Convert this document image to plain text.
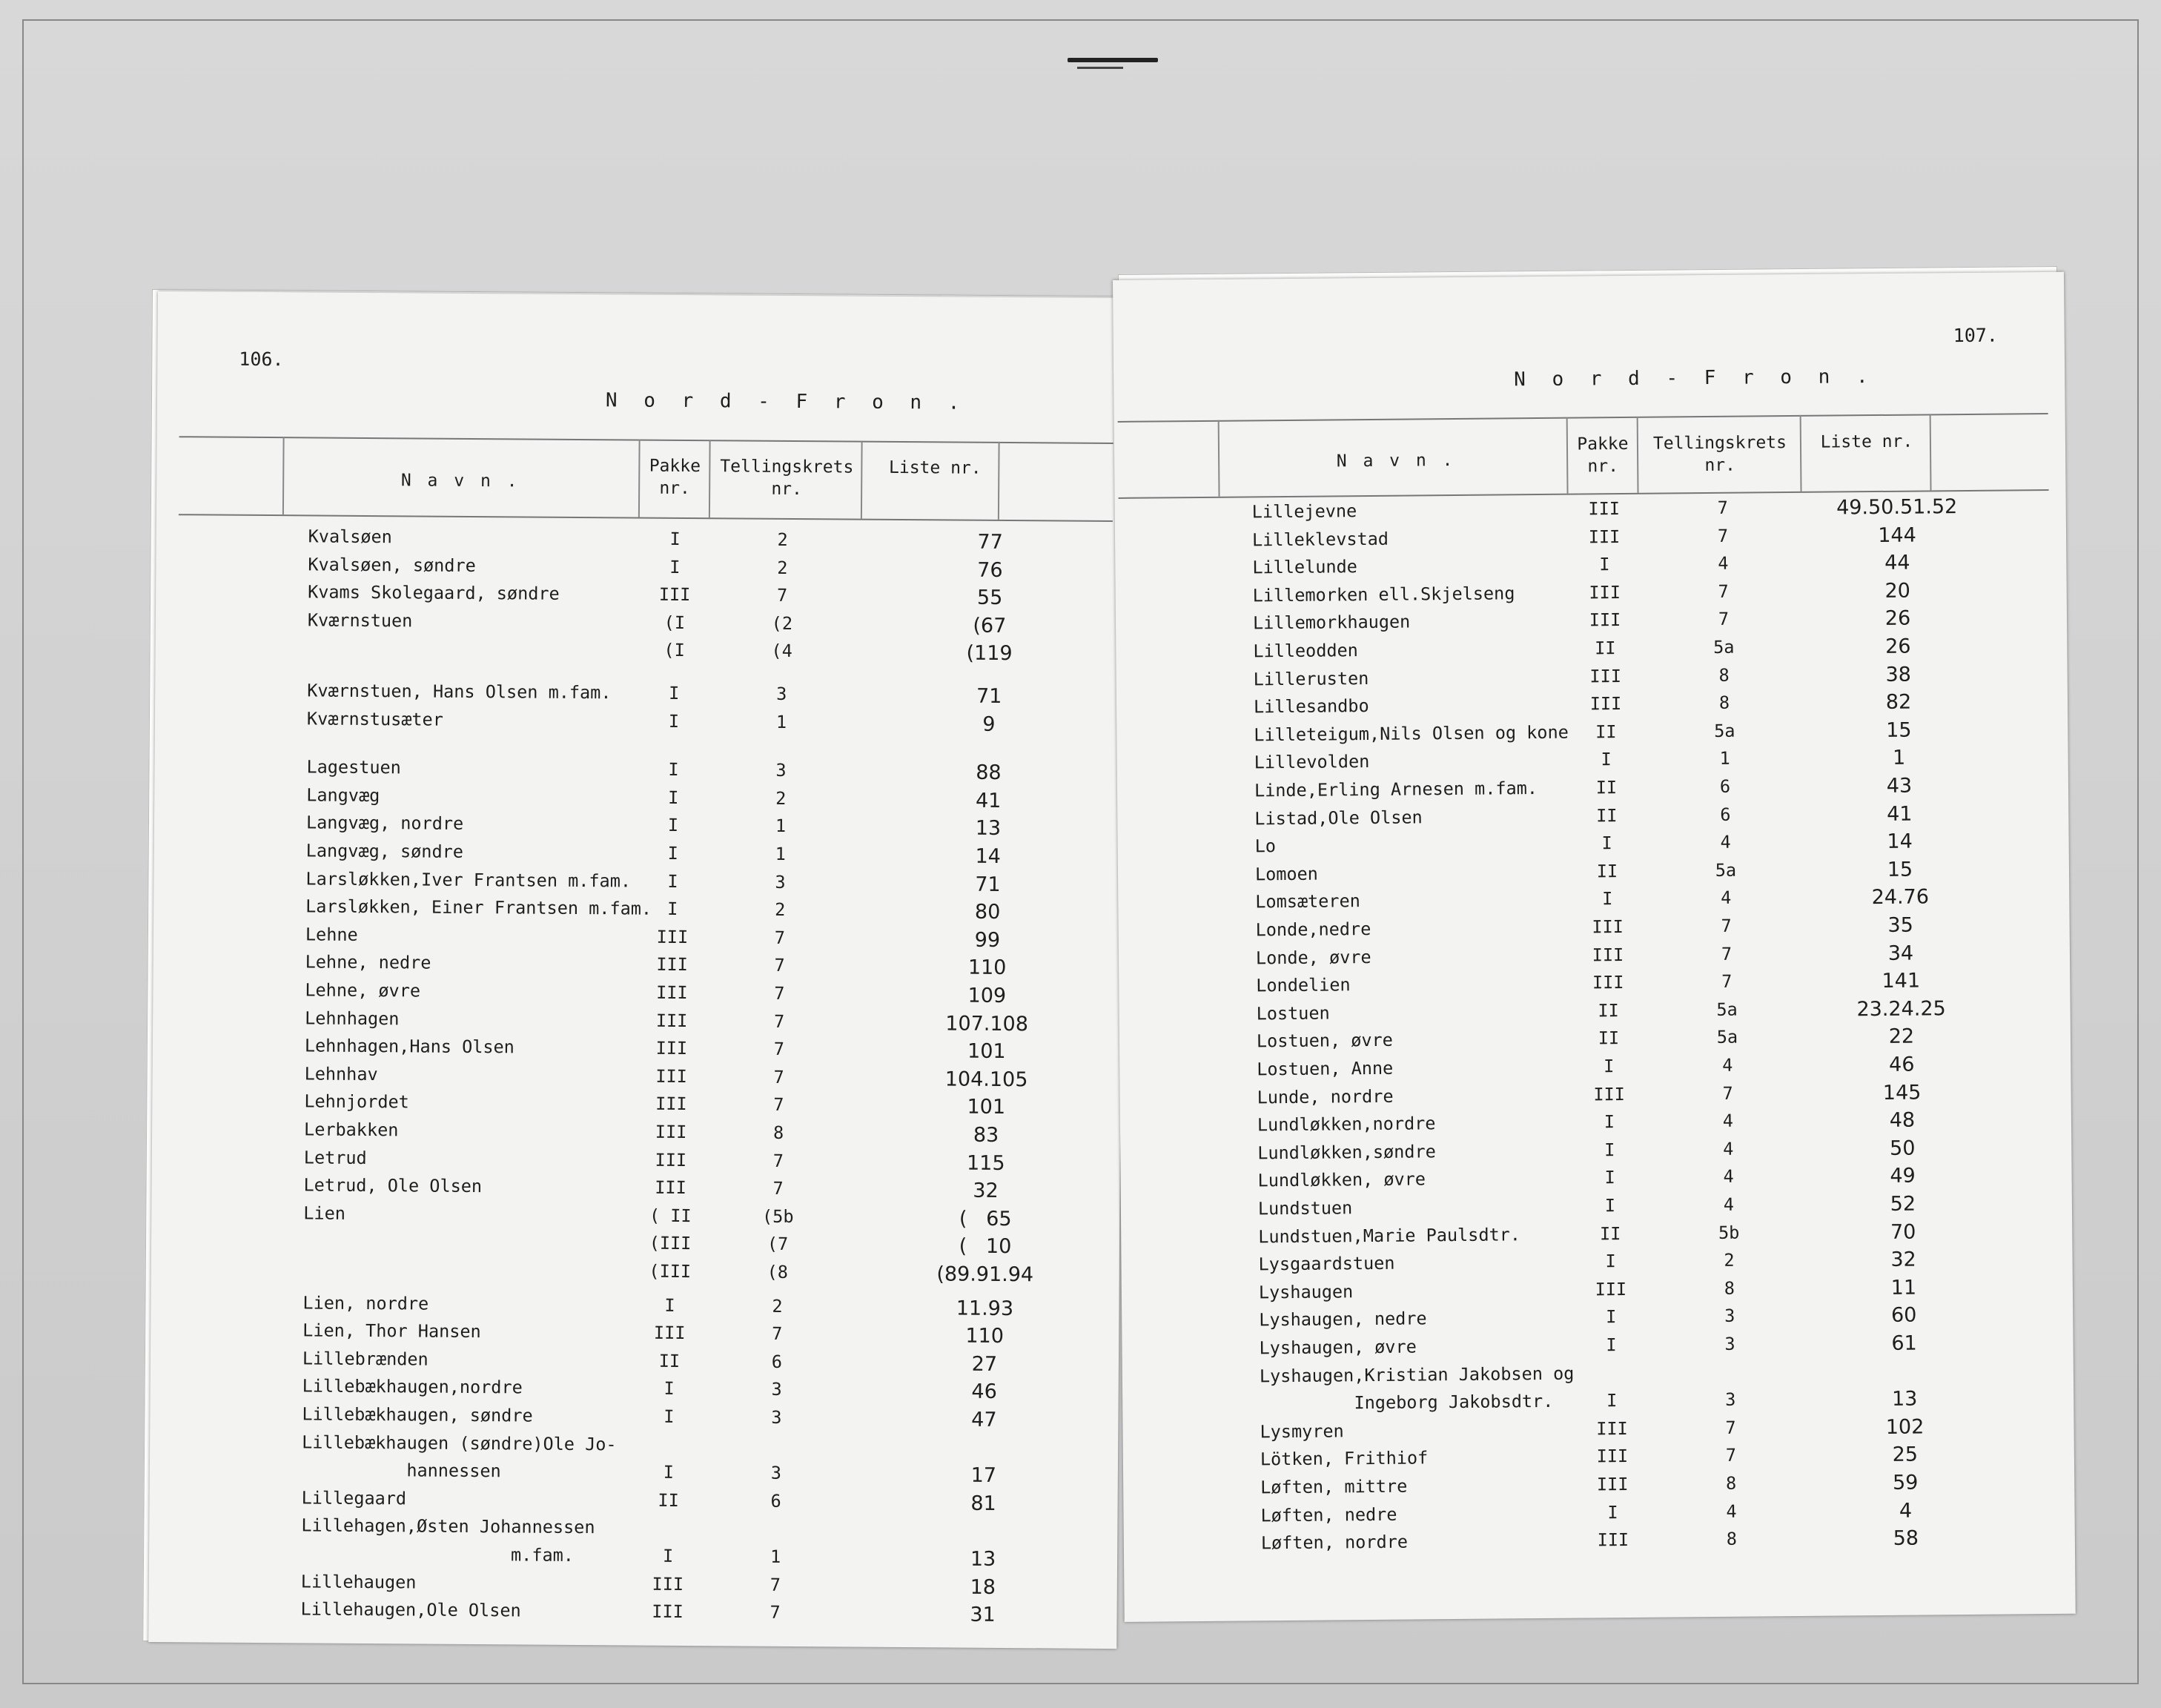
106.
N o r d - F r o n .
N a v n .
Pakke nr.
Tellingskrets nr.
Liste nr.
Kvalsøen	I	2	77
Kvalsøen, søndre	I	2	76
Kvams Skolegaard, søndre	III	7	55
Kværnstuen	(I	(2	(67
(I	(4	(119
Kværnstuen, Hans Olsen m.fam.	I	3	71
Kværnstusæter	I	1	9
Lagestuen	I	3	88
Langvæg	I	2	41
Langvæg, nordre	I	1	13
Langvæg, søndre	I	1	14
Larsløkken,Iver Frantsen m.fam.	I	3	71
Larsløkken, Einer Frantsen m.fam. I	2	80
Lehne	III	7	99
Lehne, nedre	III	7	110
Lehne, øvre	III	7	109
Lehnhagen	III	7	107.108
Lehnhagen,Hans Olsen	III	7	101
Lehnhav	III	7	104.105
Lehnjordet	III	7	101
Lerbakken	III	8	83
Letrud	III	7	115
Letrud, Ole Olsen	III	7	32
Lien	( II	(5b	(   65
(III	(7	(   10
(III	(8	(89.91.94
Lien, nordre	I	2	11.93
Lien, Thor Hansen	III	7	110
Lillebrænden	II	6	27
Lillebækhaugen,nordre	I	3	46
Lillebækhaugen, søndre	I	3	47
Lillebækhaugen (søndre)Ole Jo-
hannessen	I	3	17
Lillegaard	II	6	81
Lillehagen,Østen Johannessen
m.fam.	I	1	13
Lillehaugen	III	7	18
Lillehaugen,Ole Olsen	III	7	31
107.
N o r d - F r o n .
N a v n .
Pakke nr.
Tellingskrets nr.
Liste nr.
Lillejevne	III	7	49.50.51.52
Lilleklevstad	III	7	144
Lillelunde	I	4	44
Lillemorken ell.Skjelseng	III	7	20
Lillemorkhaugen	III	7	26
Lilleodden	II	5a	26
Lillerusten	III	8	38
Lillesandbo	III	8	82
Lilleteigum,Nils Olsen og kone	II	5a	15
Lillevolden	I	1	1
Linde,Erling Arnesen m.fam.	II	6	43
Listad,Ole Olsen	II	6	41
Lo	I	4	14
Lomoen	II	5a	15
Lomsæteren	I	4	24.76
Londe,nedre	III	7	35
Londe, øvre	III	7	34
Londelien	III	7	141
Lostuen	II	5a	23.24.25
Lostuen, øvre	II	5a	22
Lostuen, Anne	I	4	46
Lunde, nordre	III	7	145
Lundløkken,nordre	I	4	48
Lundløkken,søndre	I	4	50
Lundløkken, øvre	I	4	49
Lundstuen	I	4	52
Lundstuen,Marie Paulsdtr.	II	5b	70
Lysgaardstuen	I	2	32
Lyshaugen	III	8	11
Lyshaugen, nedre	I	3	60
Lyshaugen, øvre	I	3	61
Lyshaugen,Kristian Jakobsen og
Ingeborg Jakobsdtr.	I	3	13
Lysmyren	III	7	102
Lötken, Frithiof	III	7	25
Løften, mittre	III	8	59
Løften, nedre	I	4	4
Løften, nordre	III	8	58
